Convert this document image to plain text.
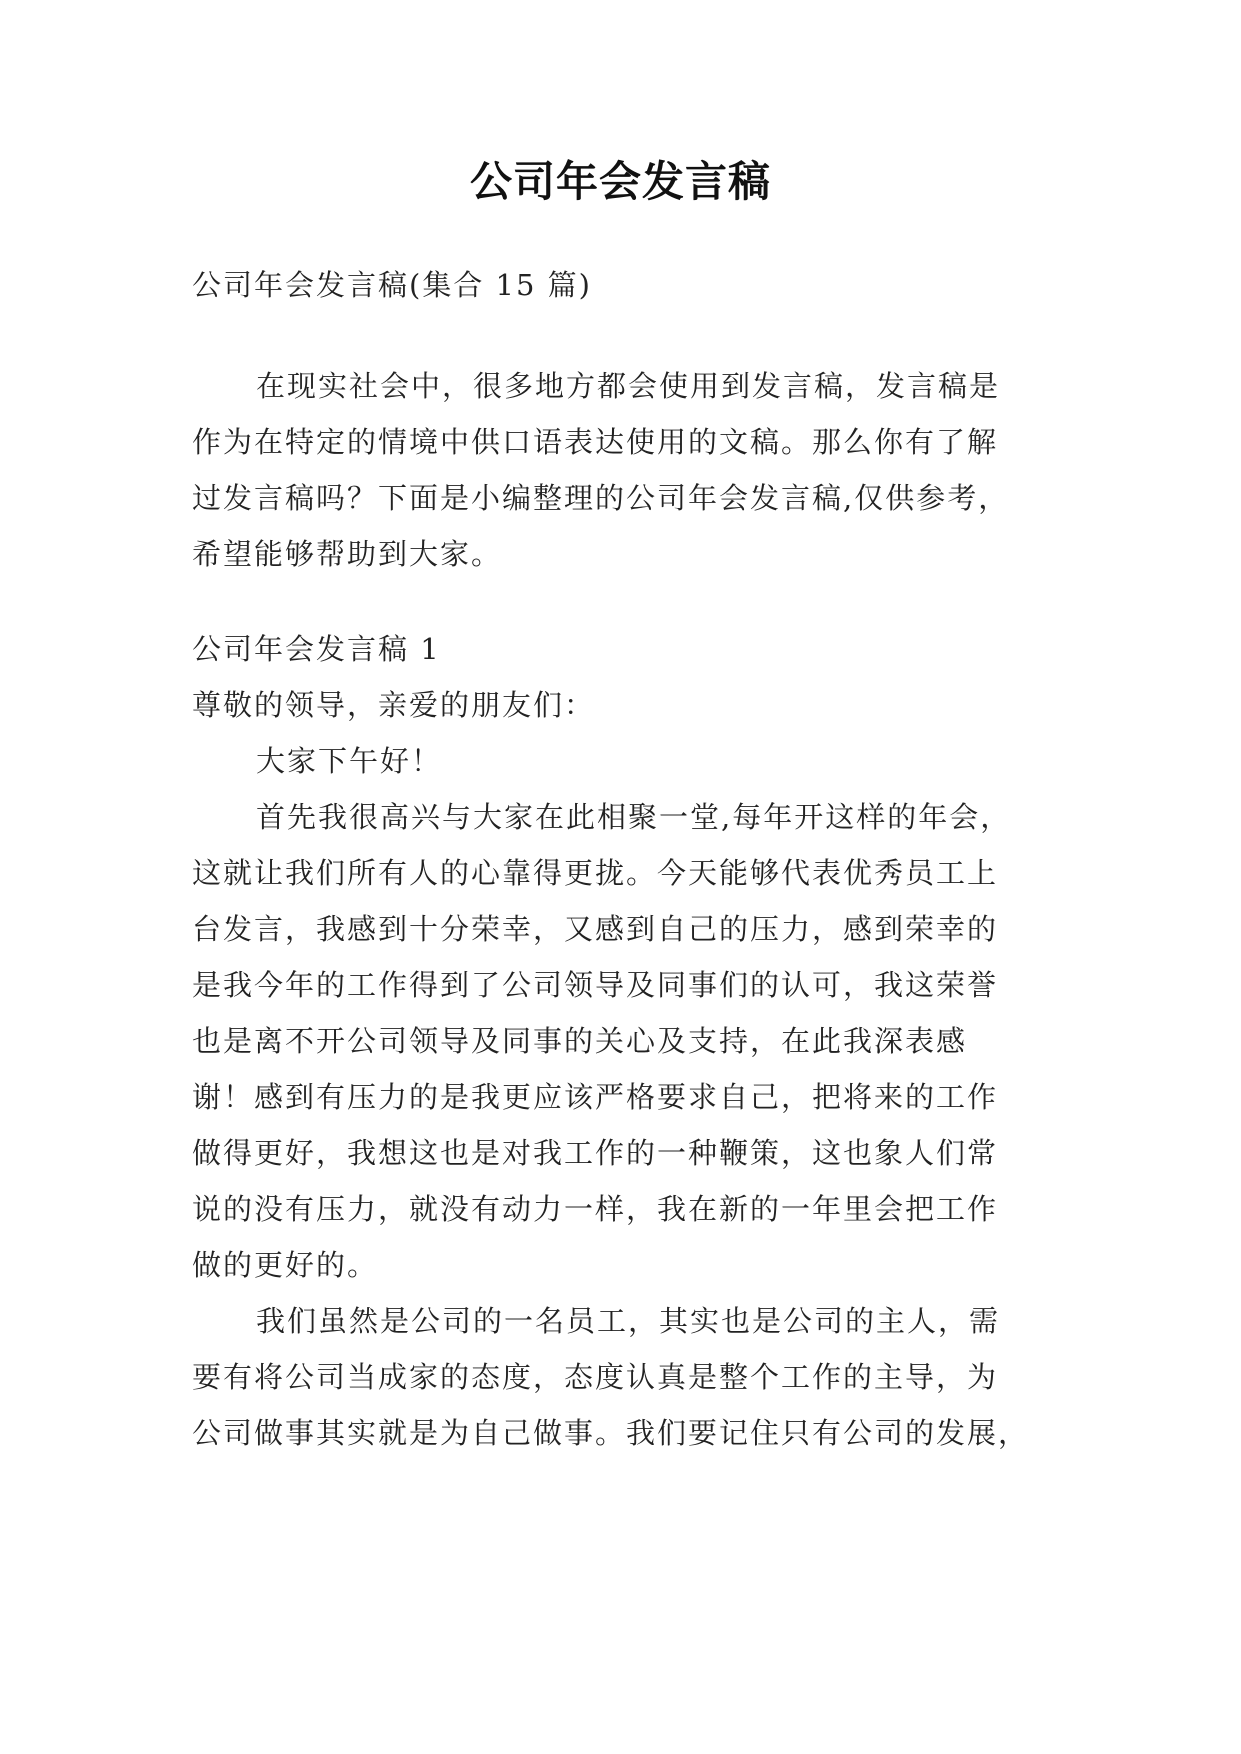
公司年会发言稿
公司年会发言稿(集合 15 篇)
在现实社会中，很多地方都会使用到发言稿，发言稿是
作为在特定的情境中供口语表达使用的文稿。那么你有了解
过发言稿吗？下面是小编整理的公司年会发言稿,仅供参考，
希望能够帮助到大家。
公司年会发言稿 1
尊敬的领导，亲爱的朋友们：
大家下午好！
首先我很高兴与大家在此相聚一堂,每年开这样的年会，
这就让我们所有人的心靠得更拢。今天能够代表优秀员工上
台发言，我感到十分荣幸，又感到自己的压力，感到荣幸的
是我今年的工作得到了公司领导及同事们的认可，我这荣誉
也是离不开公司领导及同事的关心及支持，在此我深表感
谢！感到有压力的是我更应该严格要求自己，把将来的工作
做得更好，我想这也是对我工作的一种鞭策，这也象人们常
说的没有压力，就没有动力一样，我在新的一年里会把工作
做的更好的。
我们虽然是公司的一名员工，其实也是公司的主人，需
要有将公司当成家的态度，态度认真是整个工作的主导，为
公司做事其实就是为自己做事。我们要记住只有公司的发展，
